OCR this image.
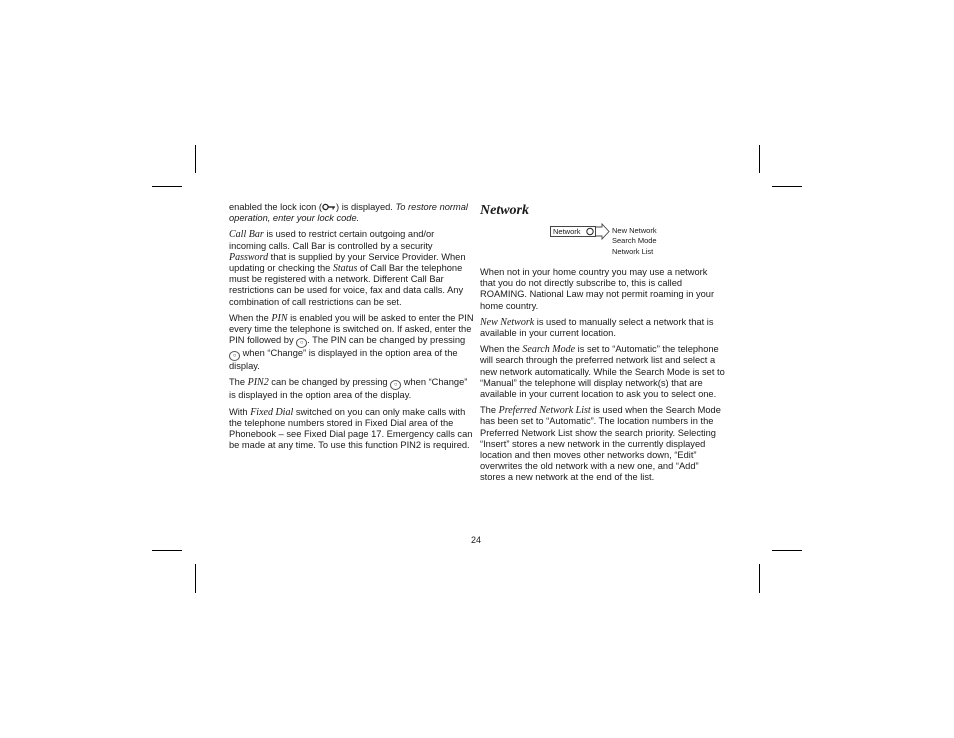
enabled the lock icon ( ) is displayed. To restore normal operation, enter your lock code.

Call Bar is used to restrict certain outgoing and/or incoming calls. Call Bar is controlled by a security Password that is supplied by your Service Provider. When updating or checking the Status of Call Bar the telephone must be registered with a network. Different Call Bar restrictions can be used for voice, fax and data calls. Any combination of call restrictions can be set.

When the PIN is enabled you will be asked to enter the PIN every time the telephone is switched on. If asked, enter the PIN followed by ○ . The PIN can be changed by pressing ○ when “Change” is displayed in the option area of the display.

The PIN2 can be changed by pressing ○ when “Change” is displayed in the option area of the display.

With Fixed Dial switched on you can only make calls with the telephone numbers stored in Fixed Dial area of the Phonebook – see Fixed Dial page 17. Emergency calls can be made at any time. To use this function PIN2 is required.

Network
Network	New Network
Search Mode
Network List

When not in your home country you may use a network that you do not directly subscribe to, this is called ROAMING. National Law may not permit roaming in your home country.

New Network is used to manually select a network that is available in your current location.

When the Search Mode is set to “Automatic” the telephone will search through the preferred network list and select a new network automatically. While the Search Mode is set to “Manual” the telephone will display network(s) that are available in your current location to ask you to select one.

The Preferred Network List is used when the Search Mode has been set to “Automatic”. The location numbers in the Preferred Network List show the search priority. Selecting “Insert” stores a new network in the currently displayed location and then moves other networks down, “Edit” overwrites the old network with a new one, and “Add” stores a new network at the end of the list.

24
